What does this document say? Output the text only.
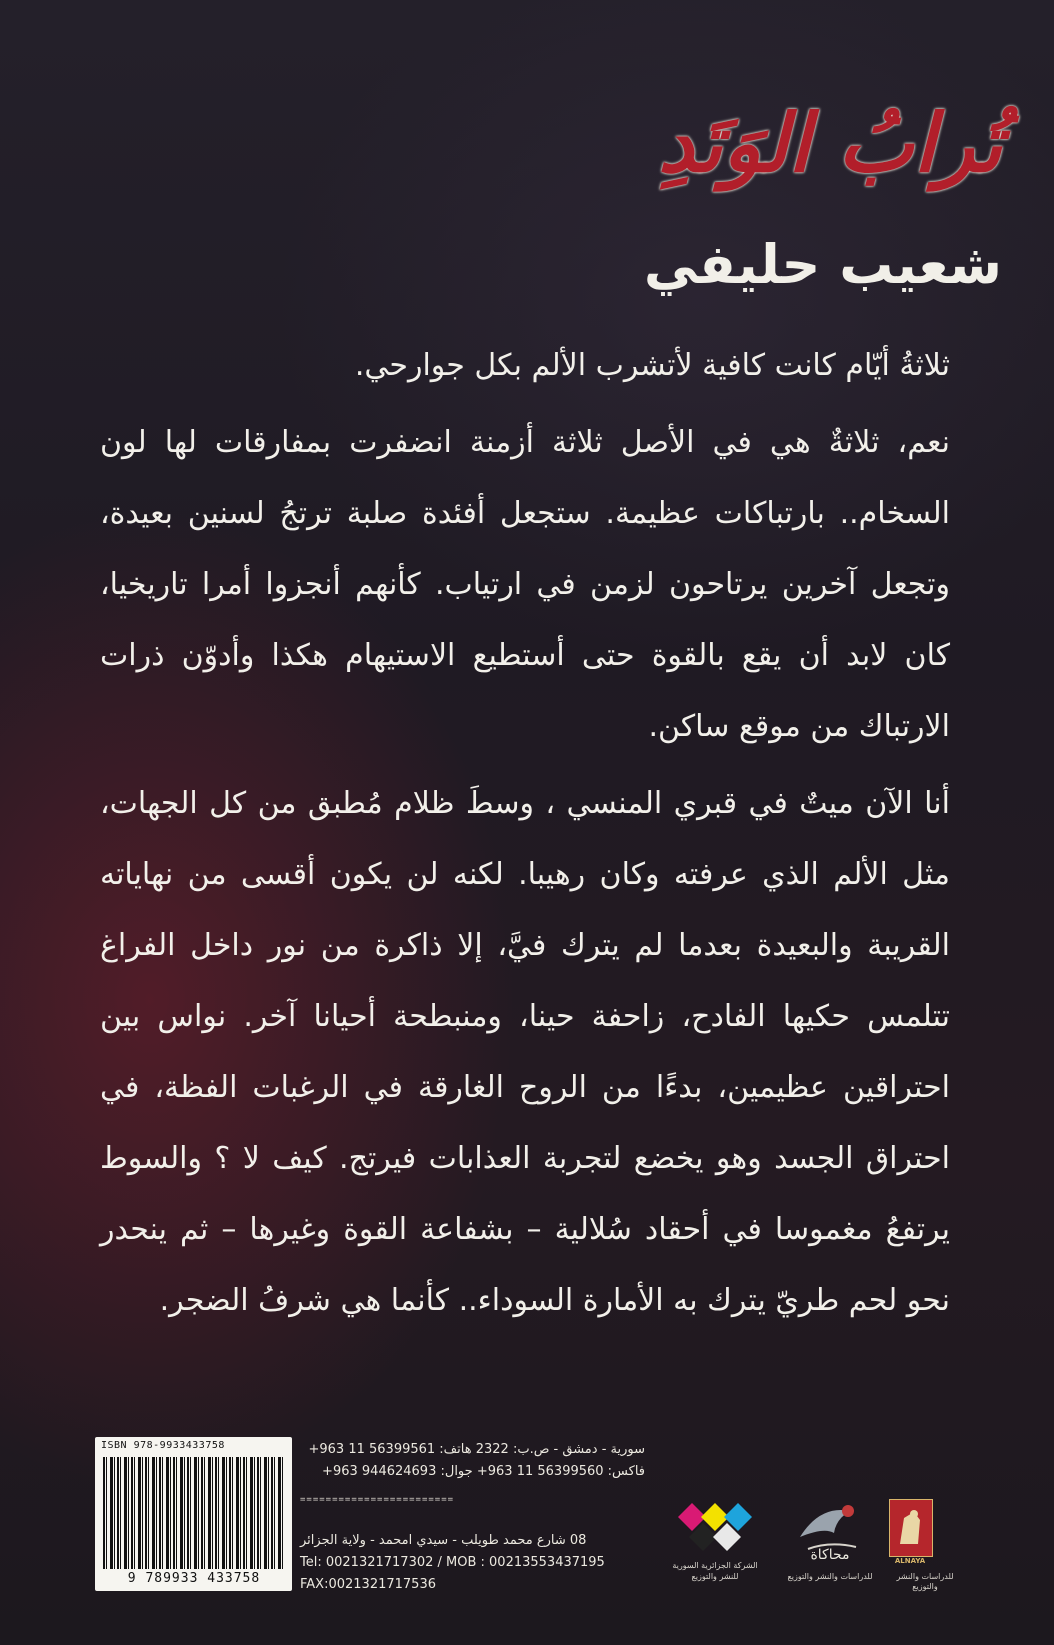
تُرابُ الوَتَدِ
شعيب حليفي

ثلاثةُ أيّام كانت كافية لأتشرب الألم بكل جوارحي.

نعم، ثلاثةٌ هي في الأصل ثلاثة أزمنة انضفرت بمفارقات لها لون السخام.. بارتباكات عظيمة. ستجعل أفئدة صلبة ترتجُ لسنين بعيدة، وتجعل آخرين يرتاحون لزمن في ارتياب. كأنهم أنجزوا أمرا تاريخيا، كان لابد أن يقع بالقوة حتى أستطيع الاستيهام هكذا وأدوّن ذرات الارتباك من موقع ساكن.

أنا الآن ميتٌ في قبري المنسي ، وسطَ ظلام مُطبق من كل الجهات، مثل الألم الذي عرفته وكان رهيبا. لكنه لن يكون أقسى من نهاياته القريبة والبعيدة بعدما لم يترك فيَّ، إلا ذاكرة من نور داخل الفراغ تتلمس حكيها الفادح، زاحفة حينا، ومنبطحة أحيانا آخر. نواس بين احتراقين عظيمين، بدءًا من الروح الغارقة في الرغبات الفظة، في احتراق الجسد وهو يخضع لتجربة العذابات فيرتج. كيف لا ؟ والسوط يرتفعُ مغموسا في أحقاد سُلالية – بشفاعة القوة وغيرها – ثم ينحدر نحو لحم طريّ يترك به الأمارة السوداء.. كأنما هي شرفُ الضجر.

ISBN 978-9933433758
9 789933 433758
سورية - دمشق - ص.ب: 2322 هاتف: 56399561 11 963+
فاكس: 56399560 11 963+ جوال: 944624693 963+
========================
08 شارع محمد طويلب - سيدي امحمد - ولاية الجزائر
Tel: 0021321717302 / MOB : 00213553437195
FAX:0021321717536
الشركة الجزائرية السورية
للنشر والتوزيع
محاكاة
للدراسات والنشر والتوزيع
ALNAYA
للدراسات والنشر والتوزيع
